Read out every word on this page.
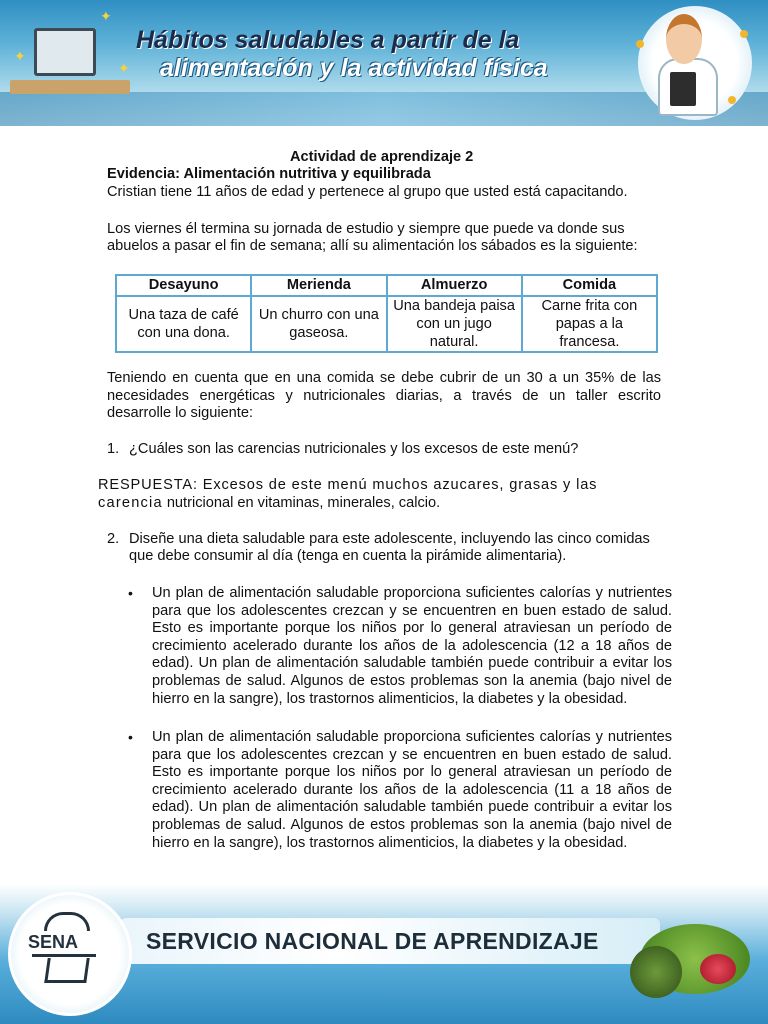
✦
✦
✦
Hábitos saludables a partir de la
alimentación y la actividad física
Actividad de aprendizaje 2
Evidencia: Alimentación nutritiva y equilibrada
Cristian tiene 11 años de edad y pertenece al grupo que usted está capacitando.
Los viernes él termina su jornada de estudio y siempre que puede va donde sus
abuelos a pasar el fin de semana; allí su alimentación los sábados es la siguiente:
Desayuno	Merienda	Almuerzo	Comida
Una taza de café con una dona.	Un churro con una gaseosa.	Una bandeja paisa con un jugo natural.	Carne frita con papas a la francesa.
Teniendo en cuenta que en una comida se debe cubrir de un 30 a un 35% de las necesidades energéticas y nutricionales diarias, a través de un taller escrito desarrolle lo siguiente:
1. ¿Cuáles son las carencias nutricionales y los excesos de este menú?
RESPUESTA: Excesos de este menú muchos azucares, grasas y las
carencia nutricional en vitaminas, minerales, calcio.
2. Diseñe una dieta saludable para este adolescente, incluyendo las cinco comidas
que debe consumir al día (tenga en cuenta la pirámide alimentaria).
• Un plan de alimentación saludable proporciona suficientes calorías y nutrientes para que los adolescentes crezcan y se encuentren en buen estado de salud. Esto es importante porque los niños por lo general atraviesan un período de crecimiento acelerado durante los años de la adolescencia (12 a 18 años de edad). Un plan de alimentación saludable también puede contribuir a evitar los problemas de salud. Algunos de estos problemas son la anemia (bajo nivel de hierro en la sangre), los trastornos alimenticios, la diabetes y la obesidad.
• Un plan de alimentación saludable proporciona suficientes calorías y nutrientes para que los adolescentes crezcan y se encuentren en buen estado de salud. Esto es importante porque los niños por lo general atraviesan un período de crecimiento acelerado durante los años de la adolescencia (11 a 18 años de edad). Un plan de alimentación saludable también puede contribuir a evitar los problemas de salud. Algunos de estos problemas son la anemia (bajo nivel de hierro en la sangre), los trastornos alimenticios, la diabetes y la obesidad.
SENA	SERVICIO NACIONAL DE APRENDIZAJE
